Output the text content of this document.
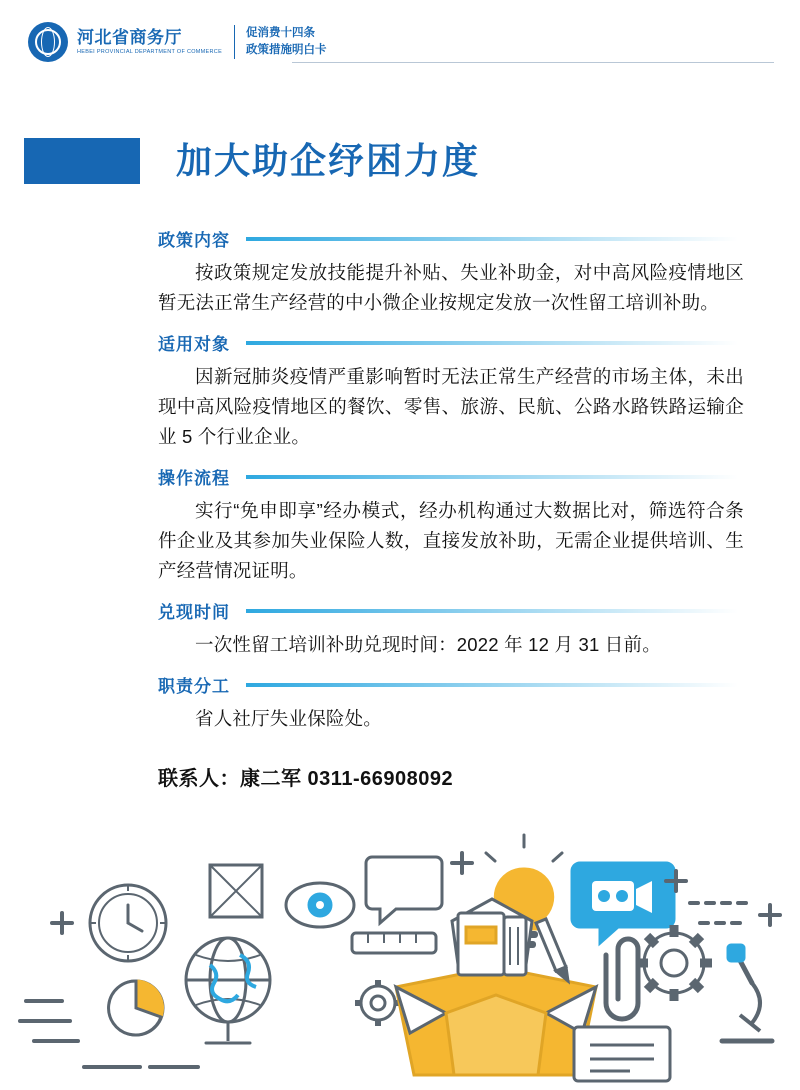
河北省商务厅
HEBEI PROVINCIAL DEPARTMENT OF COMMERCE
促消费十四条
政策措施明白卡
加大助企纾困力度
政策内容

按政策规定发放技能提升补贴、失业补助金，对中高风险疫情地区暂无法正常生产经营的中小微企业按规定发放一次性留工培训补助。

适用对象

因新冠肺炎疫情严重影响暂时无法正常生产经营的市场主体，未出现中高风险疫情地区的餐饮、零售、旅游、民航、公路水路铁路运输企业 5 个行业企业。

操作流程

实行“免申即享”经办模式，经办机构通过大数据比对，筛选符合条件企业及其参加失业保险人数，直接发放补助，无需企业提供培训、生产经营情况证明。

兑现时间

一次性留工培训补助兑现时间：2022 年 12 月 31 日前。

职责分工

省人社厅失业保险处。

联系人：康二军 0311-66908092
